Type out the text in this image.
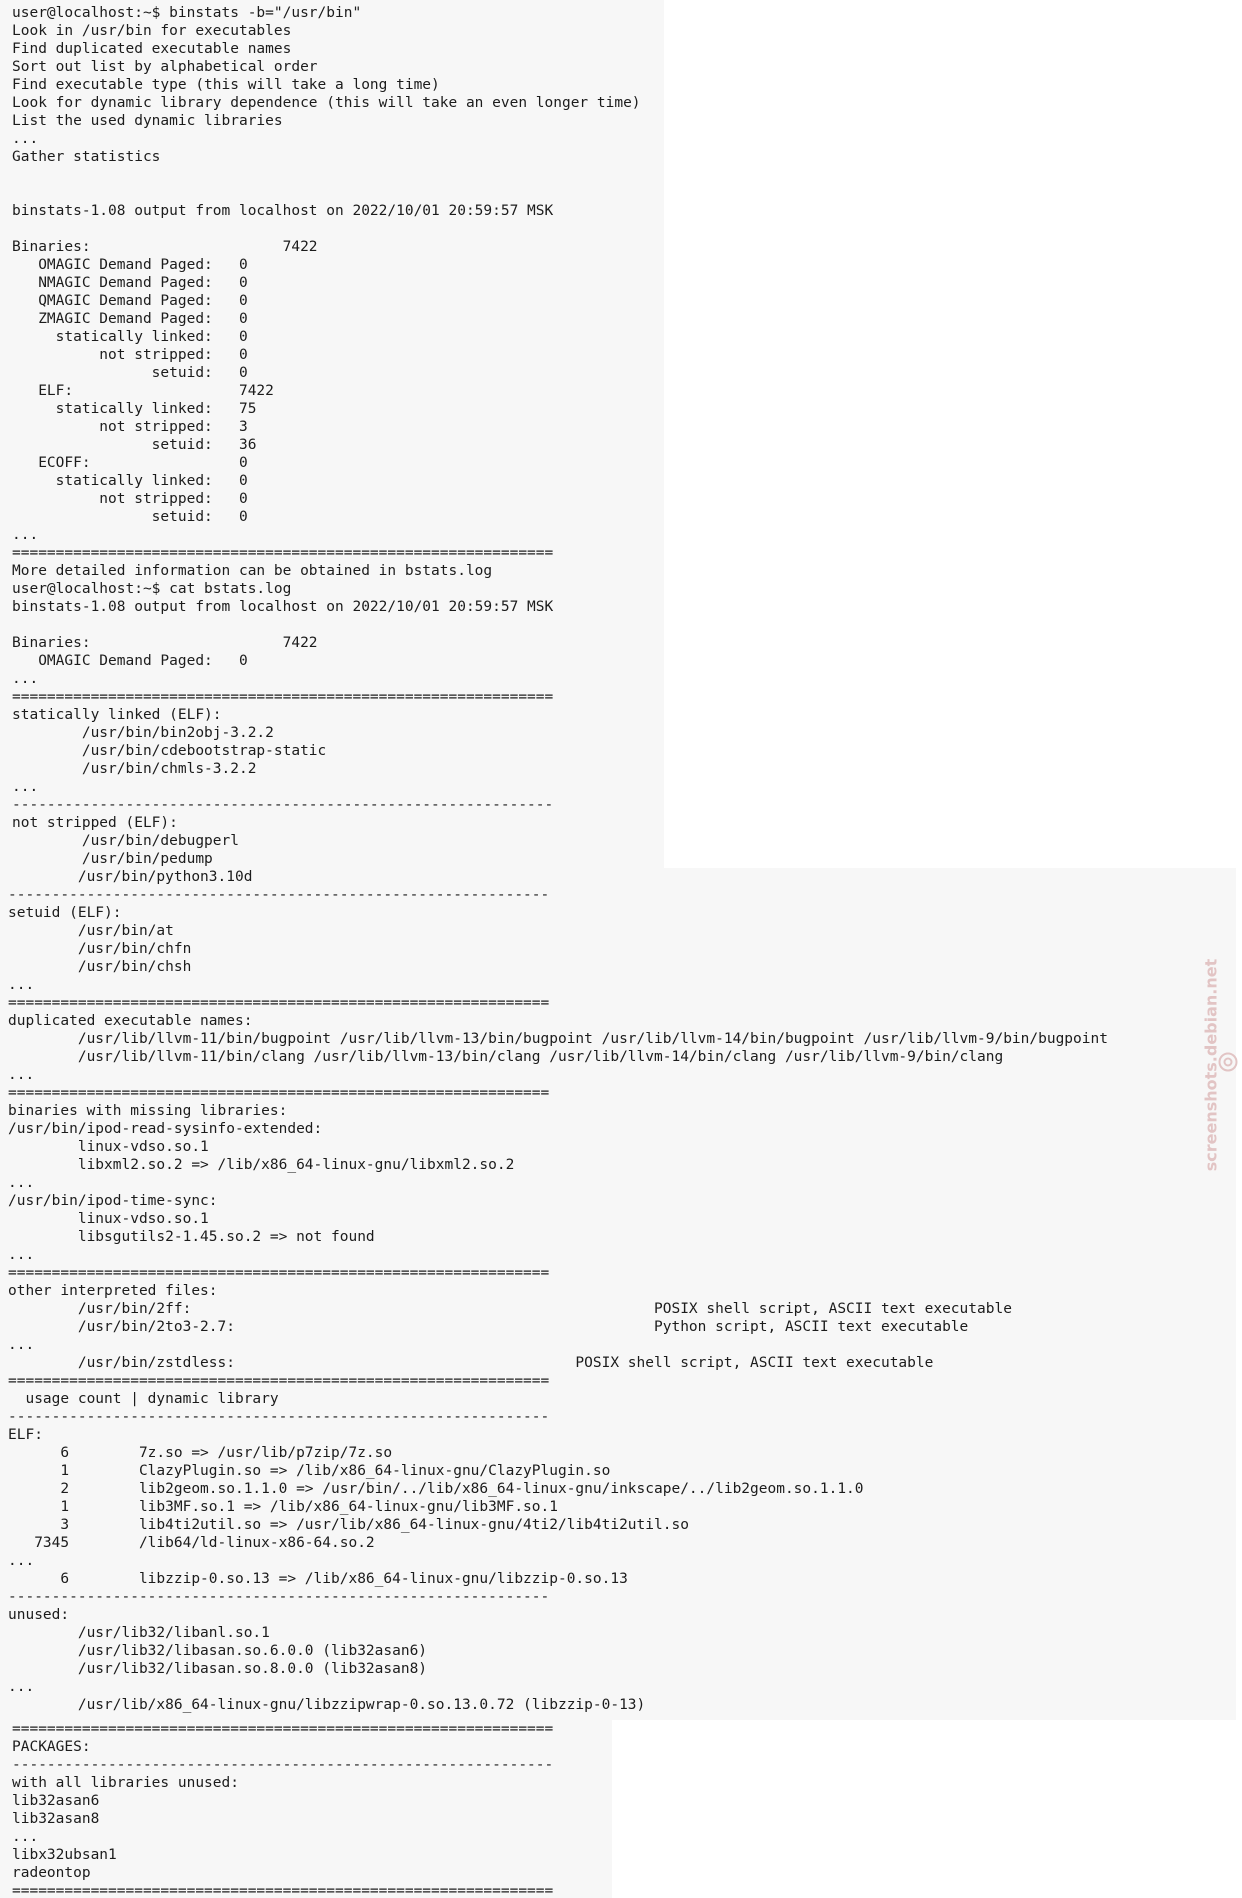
user@localhost:~$ binstats -b="/usr/bin"
Look in /usr/bin for executables
Find duplicated executable names
Sort out list by alphabetical order
Find executable type (this will take a long time)
Look for dynamic library dependence (this will take an even longer time)
List the used dynamic libraries
...
Gather statistics
binstats-1.08 output from localhost on 2022/10/01 20:59:57 MSK
Binaries:                      7422
OMAGIC Demand Paged:   0
NMAGIC Demand Paged:   0
QMAGIC Demand Paged:   0
ZMAGIC Demand Paged:   0
statically linked:   0
not stripped:   0
setuid:   0
ELF:                   7422
statically linked:   75
not stripped:   3
setuid:   36
ECOFF:                 0
statically linked:   0
not stripped:   0
setuid:   0
...
==============================================================
More detailed information can be obtained in bstats.log
user@localhost:~$ cat bstats.log
binstats-1.08 output from localhost on 2022/10/01 20:59:57 MSK
Binaries:                      7422
OMAGIC Demand Paged:   0
...
==============================================================
statically linked (ELF):
/usr/bin/bin2obj-3.2.2
/usr/bin/cdebootstrap-static
/usr/bin/chmls-3.2.2
...
--------------------------------------------------------------
not stripped (ELF):
/usr/bin/debugperl
/usr/bin/pedump
/usr/bin/python3.10d
--------------------------------------------------------------
setuid (ELF):
/usr/bin/at
/usr/bin/chfn
/usr/bin/chsh
...
==============================================================
duplicated executable names:
/usr/lib/llvm-11/bin/bugpoint /usr/lib/llvm-13/bin/bugpoint /usr/lib/llvm-14/bin/bugpoint /usr/lib/llvm-9/bin/bugpoint
/usr/lib/llvm-11/bin/clang /usr/lib/llvm-13/bin/clang /usr/lib/llvm-14/bin/clang /usr/lib/llvm-9/bin/clang
...
==============================================================
binaries with missing libraries:
/usr/bin/ipod-read-sysinfo-extended:
linux-vdso.so.1
libxml2.so.2 => /lib/x86_64-linux-gnu/libxml2.so.2
...
/usr/bin/ipod-time-sync:
linux-vdso.so.1
libsgutils2-1.45.so.2 => not found
...
==============================================================
other interpreted files:
/usr/bin/2ff:                                                     POSIX shell script, ASCII text executable
/usr/bin/2to3-2.7:                                                Python script, ASCII text executable
...
/usr/bin/zstdless:                                       POSIX shell script, ASCII text executable
==============================================================
usage count | dynamic library
--------------------------------------------------------------
ELF:
6        7z.so => /usr/lib/p7zip/7z.so
1        ClazyPlugin.so => /lib/x86_64-linux-gnu/ClazyPlugin.so
2        lib2geom.so.1.1.0 => /usr/bin/../lib/x86_64-linux-gnu/inkscape/../lib2geom.so.1.1.0
1        lib3MF.so.1 => /lib/x86_64-linux-gnu/lib3MF.so.1
3        lib4ti2util.so => /usr/lib/x86_64-linux-gnu/4ti2/lib4ti2util.so
7345        /lib64/ld-linux-x86-64.so.2
...
6        libzzip-0.so.13 => /lib/x86_64-linux-gnu/libzzip-0.so.13
--------------------------------------------------------------
unused:
/usr/lib32/libanl.so.1
/usr/lib32/libasan.so.6.0.0 (lib32asan6)
/usr/lib32/libasan.so.8.0.0 (lib32asan8)
...
/usr/lib/x86_64-linux-gnu/libzzipwrap-0.so.13.0.72 (libzzip-0-13)
==============================================================
PACKAGES:
--------------------------------------------------------------
with all libraries unused:
lib32asan6
lib32asan8
...
libx32ubsan1
radeontop
==============================================================
screenshots.debian.net
